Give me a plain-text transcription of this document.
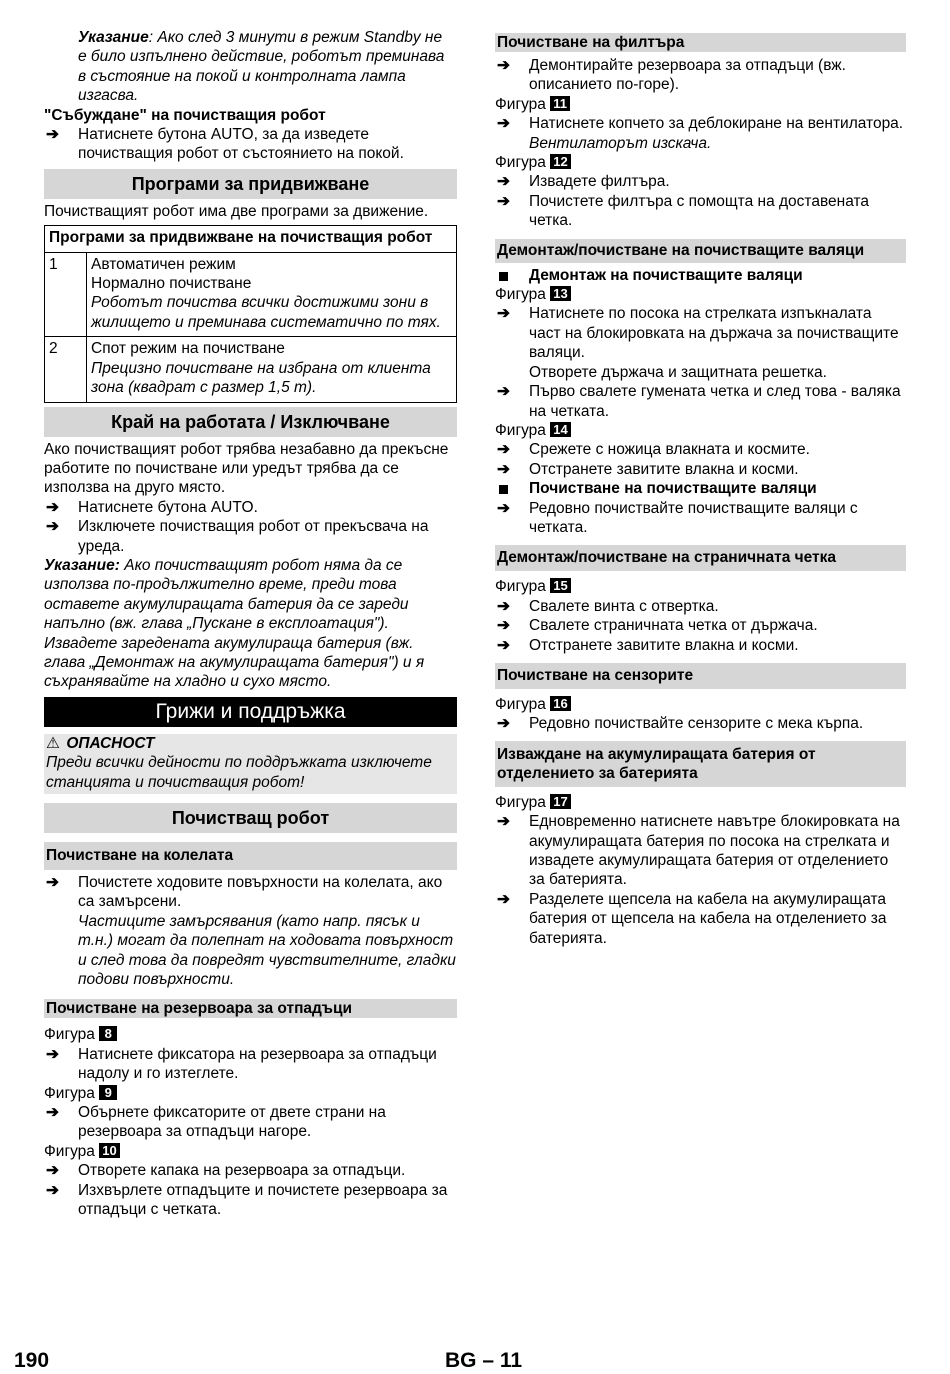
Указание: Ако след 3 минути в режим Standby не е било изпълнено действие, роботът преминава в състояние на покой и контролната лампа изгасва.

"Събуждане" на почистващия робот

➔ Натиснете бутона AUTO, за да изведете почистващия робот от състоянието на покой.

Програми за придвижване

Почистващият робот има две програми за движение.

Програми за придвижване на почистващия робот	
1	Автоматичен режим

Нормално почистване

Роботът почиства всички достижими зони в жилището и преминава систематично по тях.

2	Спот режим на почистване

Прецизно почистване на избрана от клиента зона (квадрат с размер 1,5 m).

Край на работата / Изключване

Ако почистващият робот трябва незабавно да прекъсне работите по почистване или уредът трябва да се използва на друго място.

➔ Натиснете бутона AUTO.

➔ Изключете почистващия робот от прекъсвача на уреда.

Указание: Ако почистващият робот няма да се използва по-продължително време, преди това оставете акумулиращата батерия да се зареди напълно (вж. глава „Пускане в експлоатация"). Извадете заредената акумулираща батерия (вж. глава „Демонтаж на акумулиращата батерия") и я съхранявайте на хладно и сухо място.

Грижи и поддръжка

⚠ ОПАСНОСТ

Преди всички дейности по поддръжката изключете станцията и почистващия робот!

Почистващ робот
Почистване на колелата

➔ Почистете ходовите повърхности на колелата, ако са замърсени.

Частиците замърсявания (като напр. пясък и т.н.) могат да полепнат на ходовата повърхност и след това да повредят чувствителните, гладки подови повърхности.

Почистване на резервоара за отпадъци

Фигура 8

➔ Натиснете фиксатора на резервоара за отпадъци надолу и го изтеглете.

Фигура 9

➔ Обърнете фиксаторите от двете страни на резервоара за отпадъци нагоре.

Фигура 10

➔ Отворете капака на резервоара за отпадъци.

➔ Изхвърлете отпадъците и почистете резервоара за отпадъци с четката.

Почистване на филтъра

➔ Демонтирайте резервоара за отпадъци (вж. описанието по-горе).

Фигура 11

➔ Натиснете копчето за деблокиране на вентилатора.

Вентилаторът изскача.

Фигура 12

➔ Извадете филтъра.

➔ Почистете филтъра с помощта на доставената четка.

Демонтаж/почистване на почистващите валяци

Демонтаж на почистващите валяци

Фигура 13

➔ Натиснете по посока на стрелката изпъкналата част на блокировката на държача за почистващите валяци.

Отворете държача и защитната решетка.

➔ Първо свалете гумената четка и след това - валяка на четката.

Фигура 14

➔ Срежете с ножица влакната и космите.

➔ Отстранете завитите влакна и косми.

Почистване на почистващите валяци

➔ Редовно почиствайте почистващите валяци с четката.

Демонтаж/почистване на страничната четка

Фигура 15

➔ Свалете винта с отвертка.

➔ Свалете страничната четка от държача.

➔ Отстранете завитите влакна и косми.

Почистване на сензорите

Фигура 16

➔ Редовно почиствайте сензорите с мека кърпа.

Изваждане на акумулиращата батерия от отделението за батерията

Фигура 17

➔ Едновременно натиснете навътре блокировката на акумулиращата батерия по посока на стрелката и извадете акумулиращата батерия от отделението за батерията.

➔ Разделете щепсела на кабела на акумулиращата батерия от щепсела на кабела на отделението за батерията.

190	BG – 11
